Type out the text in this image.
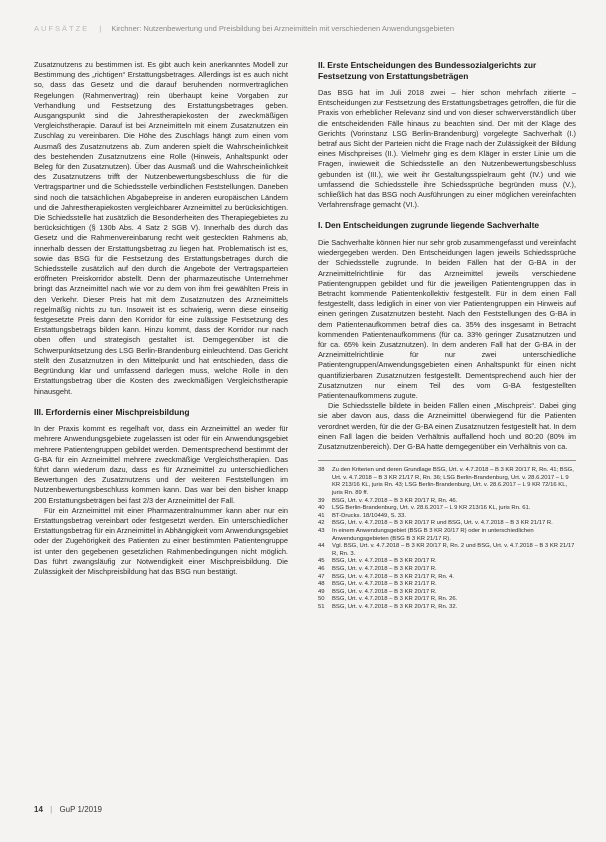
AUFSÄTZE | Kirchner: Nutzenbewertung und Preisbildung bei Arzneimitteln mit verschiedenen Anwendungsgebieten

Zusatznutzens zu bestimmen ist. Es gibt auch kein anerkanntes Modell zur Bestimmung des „richtigen“ Erstattungsbetrages. Allerdings ist es auch nicht so, dass das Gesetz und die darauf beruhenden normvertraglichen Regelungen (Rahmenvertrag) rein überhaupt keine Vorgaben zur Verhandlung und Festsetzung des Erstattungsbetrages geben. Ausgangspunkt sind die Jahrestherapiekosten der zweckmäßigen Vergleichstherapie. Darauf ist bei Arzneimitteln mit einem Zusatznutzen ein Zuschlag zu vereinbaren. Die Höhe des Zuschlags hängt zum einen vom Ausmaß des Zusatznutzens ab. Zum anderen spielt die Wahrscheinlichkeit des bestehenden Zusatznutzens eine Rolle (Hinweis, Anhaltspunkt oder Beleg für den Zusatznutzen). Über das Ausmaß und die Wahrscheinlichkeit des Zusatznutzens trifft der Nutzenbewertungsbeschluss die für die Vertragspartner und die Schiedsstelle verbindlichen Feststellungen. Daneben sind noch die tatsächlichen Abgabepreise in anderen europäischen Ländern und die Jahrestherapiekosten vergleichbarer Arzneimittel zu berücksichtigen. Die Schiedsstelle hat zusätzlich die Besonderheiten des Therapiegebietes zu berücksichtigen (§ 130b Abs. 4 Satz 2 SGB V). Innerhalb des durch das Gesetz und die Rahmenvereinbarung recht weit gesteckten Rahmens ab, innerhalb dessen der Erstattungsbetrag zu liegen hat. Problematisch ist es, sowie das BSG für die Festsetzung des Erstattungsbetrages durch die Schiedsstelle zusätzlich auf den durch die Angebote der Vertragsparteien eröffneten Preiskorridor abstellt. Denn der pharmazeutische Unternehmer bringt das Arzneimittel nach wie vor zu dem von ihm frei gewählten Preis in den Verkehr. Dieser Preis hat mit dem Zusatznutzen des Arzneimittels regelmäßig nichts zu tun. Insoweit ist es schwierig, wenn diese einseitig festgesetzte Preis dann den Korridor für eine zulässige Festsetzung des Erstattungsbetrags bilden kann. Hinzu kommt, dass der Korridor nur nach oben offen und strategisch gestaltet ist. Demgegenüber ist die Schwerpunktsetzung des LSG Berlin-Brandenburg einleuchtend. Das Gericht stellt den Zusatznutzen in den Mittelpunkt und hat entschieden, dass die Begründung klar und umfassend darlegen muss, welche Rolle in den Erstattungsbetrag über die Kosten des zweckmäßigen Vergleichstherapie hinausgeht.

III. Erfordernis einer Mischpreisbildung

In der Praxis kommt es regelhaft vor, dass ein Arzneimittel an weder für mehrere Anwendungsgebiete zugelassen ist oder für ein Anwendungsgebiet mehrere Patientengruppen gebildet werden. Dementsprechend bestimmt der G-BA für ein Arzneimittel mehrere zweckmäßige Vergleichstherapien. Das führt dann wiederum dazu, dass es für Arzneimittel zu unterschiedlichen Bewertungen des Zusatznutzens und der weiteren Feststellungen im Nutzenbewertungsbeschluss kommen kann. Das war bei den bisher knapp 200 Erstattungsbeträgen bei fast 2/3 der Arzneimittel der Fall.

Für ein Arzneimittel mit einer Pharmazentralnummer kann aber nur ein Erstattungsbetrag vereinbart oder festgesetzt werden. Ein unterschiedlicher Erstattungsbetrag für ein Arzneimittel in Abhängigkeit vom Anwendungsgebiet oder der Zugehörigkeit des Patienten zu einer bestimmten Patientengruppe ist unter den gegebenen gesetzlichen Rahmenbedingungen nicht möglich. Das führt zwangsläufig zur Notwendigkeit einer Mischpreisbildung. Die Zulässigkeit der Mischpreisbildung hat das BSG nun bestätigt.

II. Erste Entscheidungen des Bundessozialgerichts zur Festsetzung von Erstattungsbeträgen

Das BSG hat im Juli 2018 zwei – hier schon mehrfach zitierte – Entscheidungen zur Festsetzung des Erstattungsbetrages getroffen, die für die Praxis von erheblicher Relevanz sind und von dieser schwerverständlich über die entscheidenden Fälle hinaus zu beachten sind. Der mit der Klage des Gerichts (Vorinstanz LSG Berlin-Brandenburg) vorgelegte Sachverhalt (I.) betraf aus Sicht der Parteien nicht die Frage nach der Zulässigkeit der Bildung eines Mischpreises (II.). Vielmehr ging es dem Kläger in erster Linie um die Fragen, inwieweit die Schiedsstelle an den Nutzenbewertungsbeschluss gebunden ist (III.), wie weit ihr Gestaltungsspielraum geht (IV.) und wie umfassend die Schiedsstelle ihre Schiedssprüche begründen muss (V.), schließlich hat das BSG noch Ausführungen zu einer möglichen vereinfachten Verfahrensfrage gemacht (VI.).

I. Den Entscheidungen zugrunde liegende Sachverhalte

Die Sachverhalte können hier nur sehr grob zusammengefasst und vereinfacht wiedergegeben werden. Den Entscheidungen lagen jeweils Schiedssprüche der Schiedsstelle zugrunde. In beiden Fällen hat der G-BA in der Arzneimittelrichtlinie für das Arzneimittel jeweils verschiedene Patientengruppen gebildet und für die jeweiligen Patientengruppen das in Betracht kommende Patientenkollektiv festgestellt. Für in dem einen Fall festgestellt, dass lediglich in einer von vier Patientengruppen ein Hinweis auf einen geringen Zusatznutzen besteht. Nach den Feststellungen des G-BA in dem Patientenaufkommen betraf dies ca. 35% des insgesamt in Betracht kommenden Patientenaufkommens (für ca. 33% geringer Zusatznutzen und für ca. 65% kein Zusatznutzen). In dem anderen Fall hat der G-BA in der Arzneimittelrichtlinie für nur zwei unterschiedliche Patientengruppen/Anwendungsgebieten einen Anhaltspunkt für einen nicht quantifizierbaren Zusatznutzen festgestellt. Dementsprechend auch hier der Zusatznutzen nur einem Teil des vom G-BA festgestellten Patientenaufkommens zugute.

Die Schiedsstelle bildete in beiden Fällen einen „Mischpreis“. Dabei ging sie aber davon aus, dass die Arzneimittel überwiegend für die Patienten verordnet werden, für die der G-BA einen Zusatznutzen festgestellt hat. In dem einen Fall lagen die beiden Verhältnis auffallend hoch und 80:20 (80% im Zusatznutzenbereich). Der G-BA hatte demgegenüber ein Verhältnis von ca.

38	Zu den Kriterien und deren Grundlage BSG, Urt. v. 4.7.2018 – B 3 KR 20/17 R, Rn. 41; BSG, Urt. v. 4.7.2018 – B 3 KR 21/17 R, Rn. 36; LSG Berlin-Brandenburg, Urt. v. 28.6.2017 – L 9 KR 213/16 KL, juris Rn. 43; LSG Berlin-Brandenburg, Urt. v. 28.6.2017 – L 9 KR 72/16 KL, juris Rn. 89 ff.
39	BSG, Urt. v. 4.7.2018 – B 3 KR 20/17 R, Rn. 46.
40	LSG Berlin-Brandenburg, Urt. v. 28.6.2017 – L 9 KR 213/16 KL, juris Rn. 61.
41	BT-Drucks. 18/10449, S. 33.
42	BSG, Urt. v. 4.7.2018 – B 3 KR 20/17 R und BSG, Urt. v. 4.7.2018 – B 3 KR 21/17 R.
43	In einem Anwendungsgebiet (BSG B 3 KR 20/17 R) oder in unterschiedlichen Anwendungsgebieten (BSG B 3 KR 21/17 R).
44	Vgl. BSG, Urt. v. 4.7.2018 – B 3 KR 20/17 R, Rn. 2 und BSG, Urt. v. 4.7.2018 – B 3 KR 21/17 R, Rn. 3.
45	BSG, Urt. v. 4.7.2018 – B 3 KR 20/17 R.
46	BSG, Urt. v. 4.7.2018 – B 3 KR 20/17 R.
47	BSG, Urt. v. 4.7.2018 – B 3 KR 21/17 R, Rn. 4.
48	BSG, Urt. v. 4.7.2018 – B 3 KR 21/17 R.
49	BSG, Urt. v. 4.7.2018 – B 3 KR 20/17 R.
50	BSG, Urt. v. 4.7.2018 – B 3 KR 20/17 R, Rn. 26.
51	BSG, Urt. v. 4.7.2018 – B 3 KR 20/17 R, Rn. 32.
14 | GuP 1/2019
